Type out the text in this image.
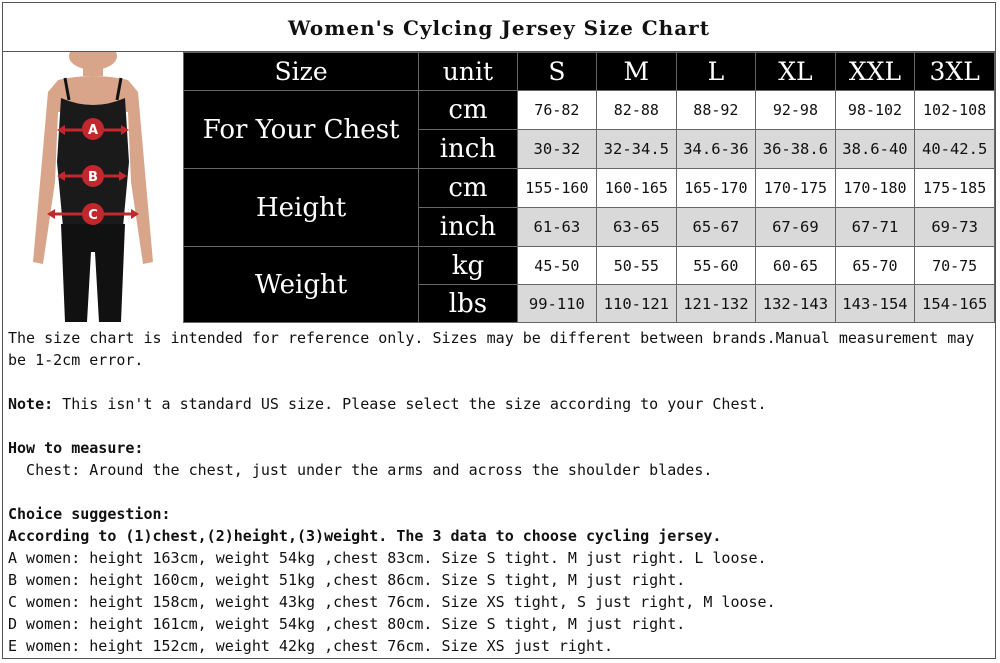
Women's Cylcing Jersey Size Chart
A
B
C
Size	unit	S	M	L	XL	XXL	3XL
For Your Chest	cm	76-82	82-88	88-92	92-98	98-102	102-108
	inch	30-32	32-34.5	34.6-36	36-38.6	38.6-40	40-42.5
Height	cm	155-160	160-165	165-170	170-175	170-180	175-185
	inch	61-63	63-65	65-67	67-69	67-71	69-73
Weight	kg	45-50	50-55	55-60	60-65	65-70	70-75
	lbs	99-110	110-121	121-132	132-143	143-154	154-165

The size chart is intended for reference only. Sizes may be different between brands.Manual measurement may

be 1-2cm error.

Note: This isn't a standard US size. Please select the size according to your Chest.

How to measure:

Chest: Around the chest, just under the arms and across the shoulder blades.

Choice suggestion:

According to (1)chest,(2)height,(3)weight. The 3 data to choose cycling jersey.

A women: height 163cm, weight 54kg ,chest 83cm. Size S tight. M just right. L loose.

B women: height 160cm, weight 51kg ,chest 86cm. Size S tight, M just right.

C women: height 158cm, weight 43kg ,chest 76cm. Size XS tight, S just right, M loose.

D women: height 161cm, weight 54kg ,chest 80cm. Size S tight, M just right.

E women: height 152cm, weight 42kg ,chest 76cm. Size XS just right.
